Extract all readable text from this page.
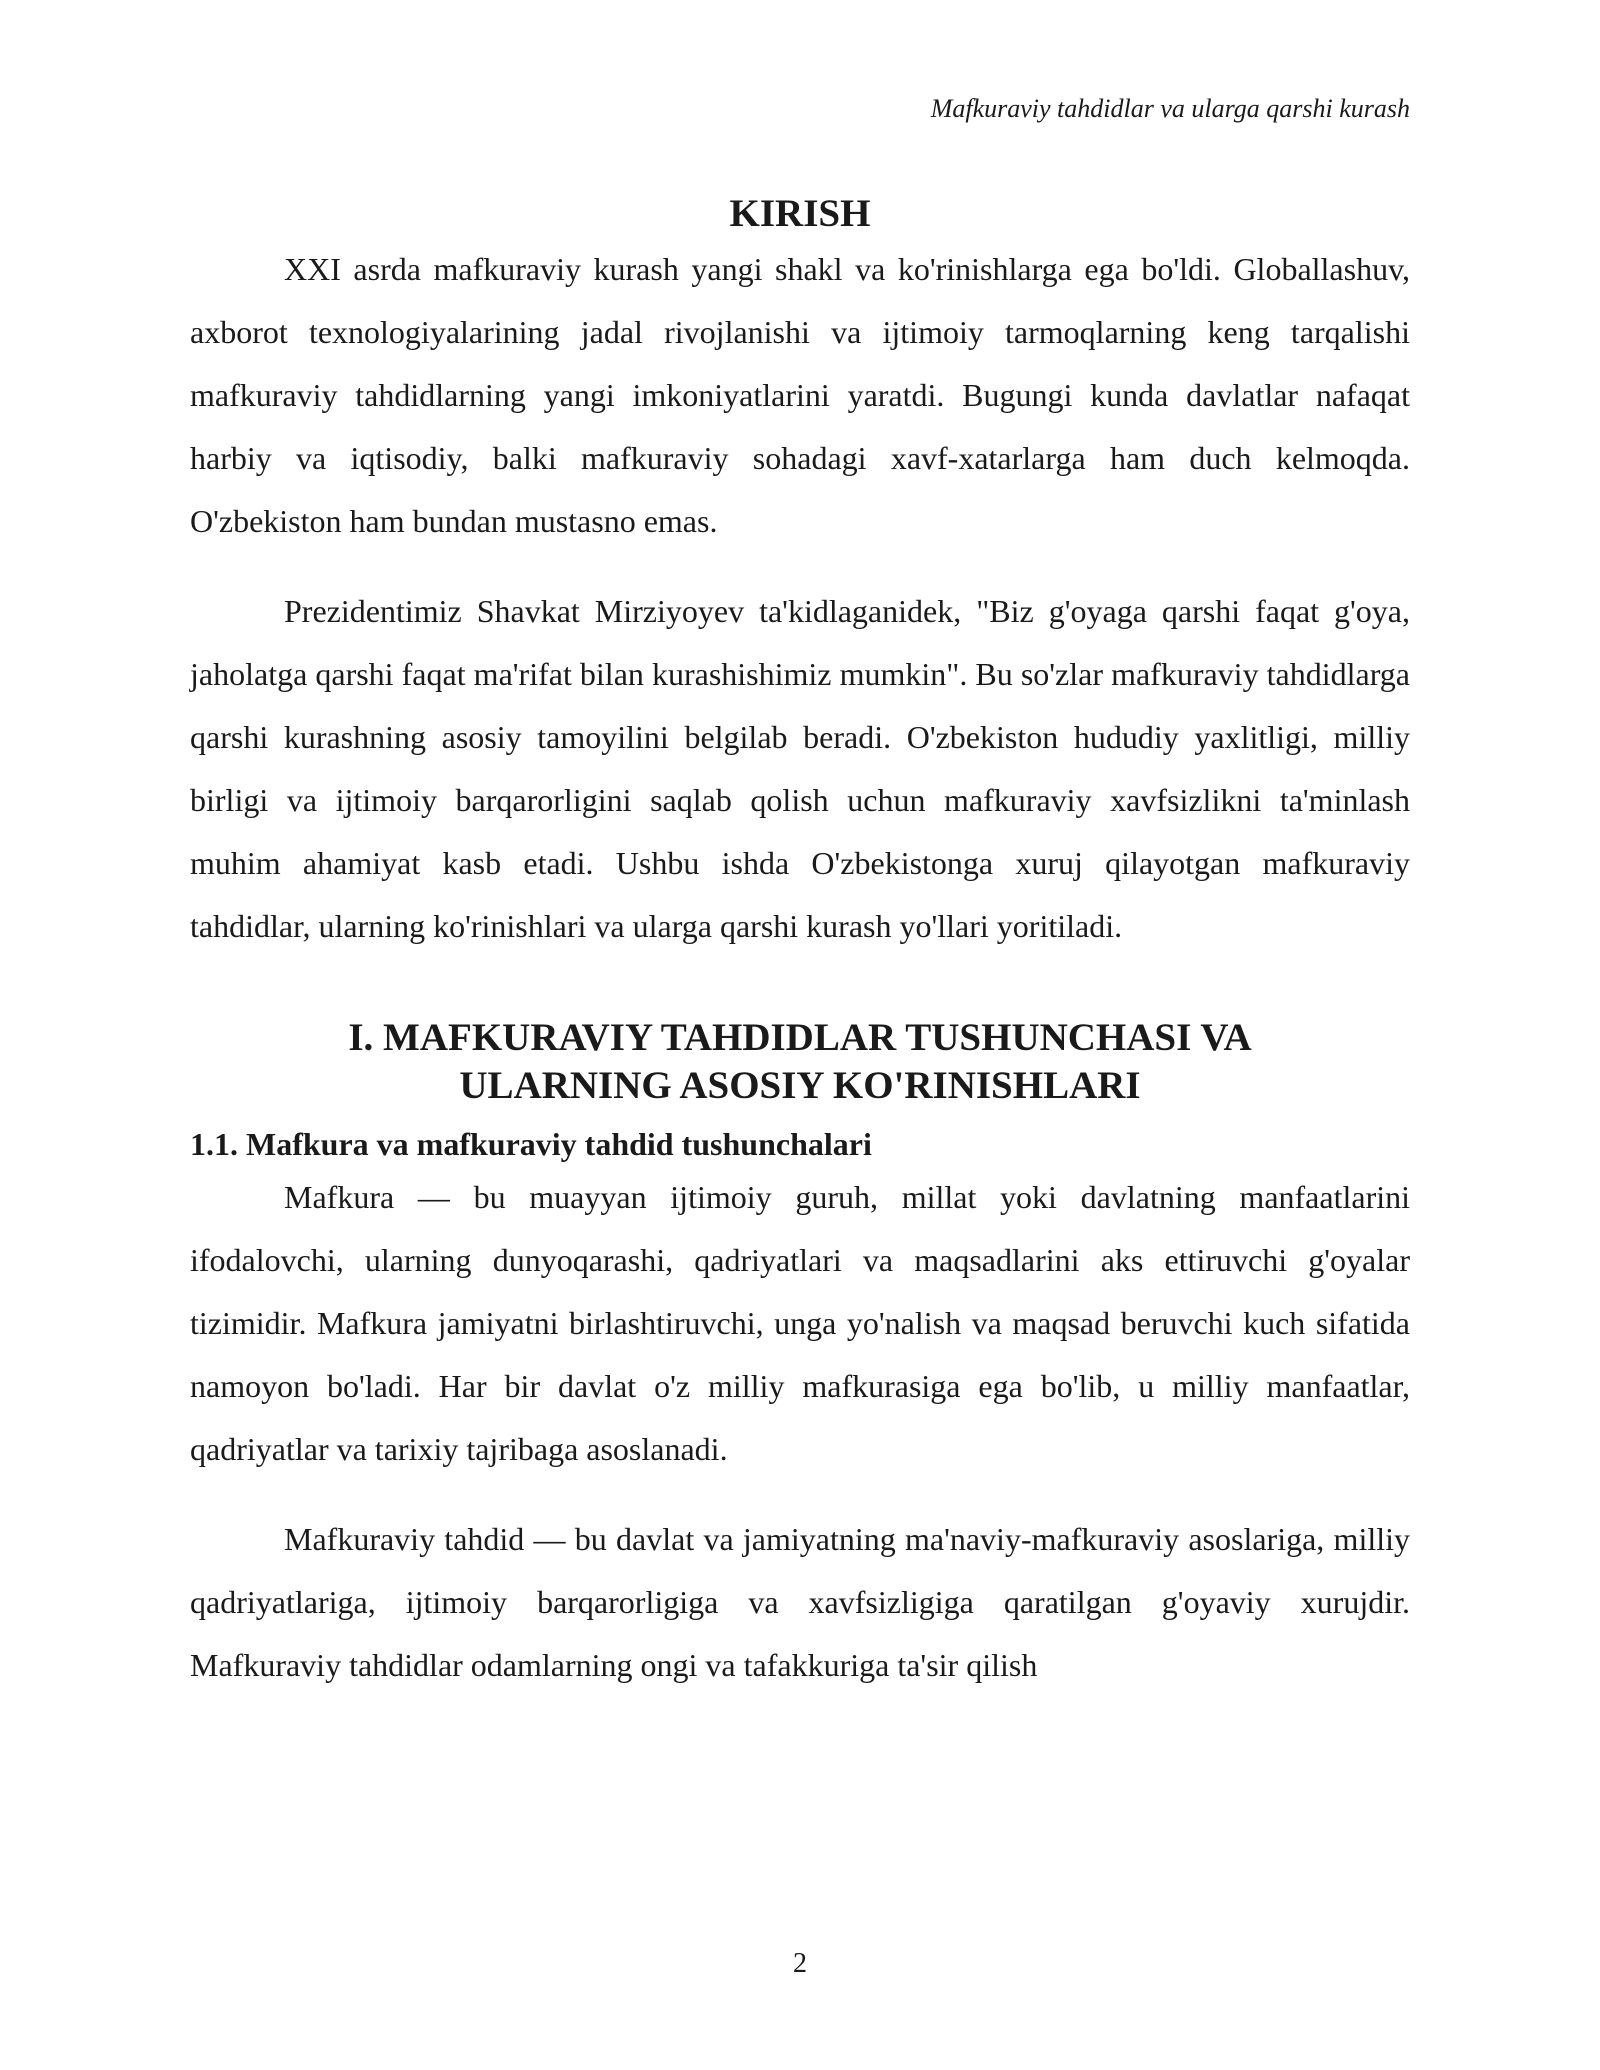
Mafkuraviy tahdidlar va ularga qarshi kurash
KIRISH

XXI asrda mafkuraviy kurash yangi shakl va ko'rinishlarga ega bo'ldi. Globallashuv, axborot texnologiyalarining jadal rivojlanishi va ijtimoiy tarmoqlarning keng tarqalishi mafkuraviy tahdidlarning yangi imkoniyatlarini yaratdi. Bugungi kunda davlatlar nafaqat harbiy va iqtisodiy, balki mafkuraviy sohadagi xavf-xatarlarga ham duch kelmoqda. O'zbekiston ham bundan mustasno emas.

Prezidentimiz Shavkat Mirziyoyev ta'kidlaganidek, "Biz g'oyaga qarshi faqat g'oya, jaholatga qarshi faqat ma'rifat bilan kurashishimiz mumkin". Bu so'zlar mafkuraviy tahdidlarga qarshi kurashning asosiy tamoyilini belgilab beradi. O'zbekiston hududiy yaxlitligi, milliy birligi va ijtimoiy barqarorligini saqlab qolish uchun mafkuraviy xavfsizlikni ta'minlash muhim ahamiyat kasb etadi. Ushbu ishda O'zbekistonga xuruj qilayotgan mafkuraviy tahdidlar, ularning ko'rinishlari va ularga qarshi kurash yo'llari yoritiladi.

I. MAFKURAVIY TAHDIDLAR TUSHUNCHASI VA
ULARNING ASOSIY KO'RINISHLARI
1.1. Mafkura va mafkuraviy tahdid tushunchalari

Mafkura — bu muayyan ijtimoiy guruh, millat yoki davlatning manfaatlarini ifodalovchi, ularning dunyoqarashi, qadriyatlari va maqsadlarini aks ettiruvchi g'oyalar tizimidir. Mafkura jamiyatni birlashtiruvchi, unga yo'nalish va maqsad beruvchi kuch sifatida namoyon bo'ladi. Har bir davlat o'z milliy mafkurasiga ega bo'lib, u milliy manfaatlar, qadriyatlar va tarixiy tajribaga asoslanadi.

Mafkuraviy tahdid — bu davlat va jamiyatning ma'naviy-mafkuraviy asoslariga, milliy qadriyatlariga, ijtimoiy barqarorligiga va xavfsizligiga qaratilgan g'oyaviy xurujdir. Mafkuraviy tahdidlar odamlarning ongi va tafakkuriga ta'sir qilish

2
